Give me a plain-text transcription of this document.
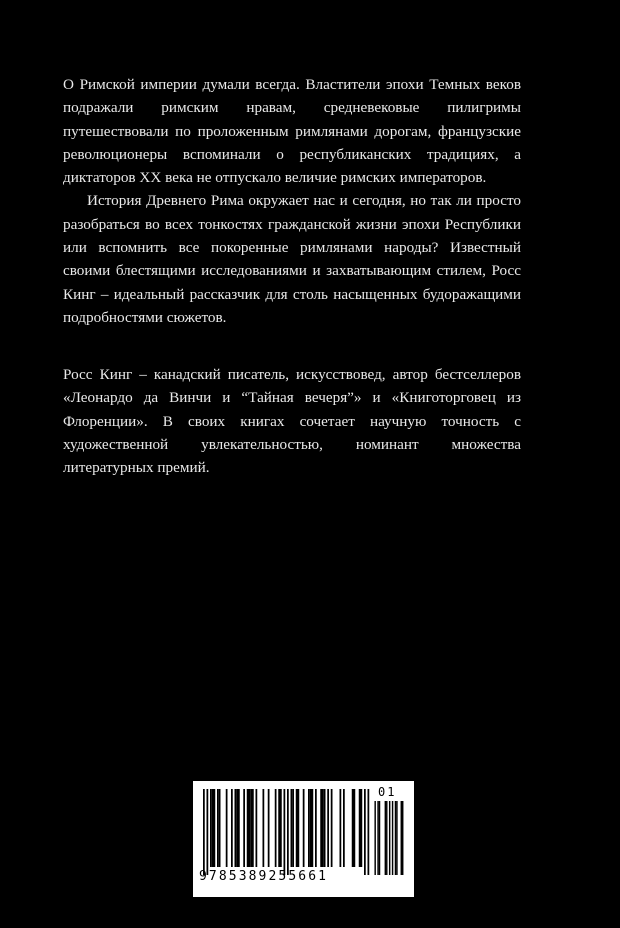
О Римской империи думали всегда. Властители эпохи Темных веков подражали римским нравам, средневековые пилигримы путешествовали по проложенным римлянами дорогам, французские революционеры вспоминали о республиканских традициях, а диктаторов XX века не отпускало величие римских императоров.

История Древнего Рима окружает нас и сегодня, но так ли просто разобраться во всех тонкостях гражданской жизни эпохи Республики или вспомнить все покоренные римлянами народы? Известный своими блестящими исследованиями и захватывающим стилем, Росс Кинг – идеальный рассказчик для столь насыщенных будоражащими подробностями сюжетов.

Росс Кинг – канадский писатель, искусствовед, автор бестселлеров «Леонардо да Винчи и “Тайная вечеря”» и «Книготорговец из Флоренции». В своих книгах сочетает научную точность с художественной увлекательностью, номинант множества литературных премий.

9785389255661
01
